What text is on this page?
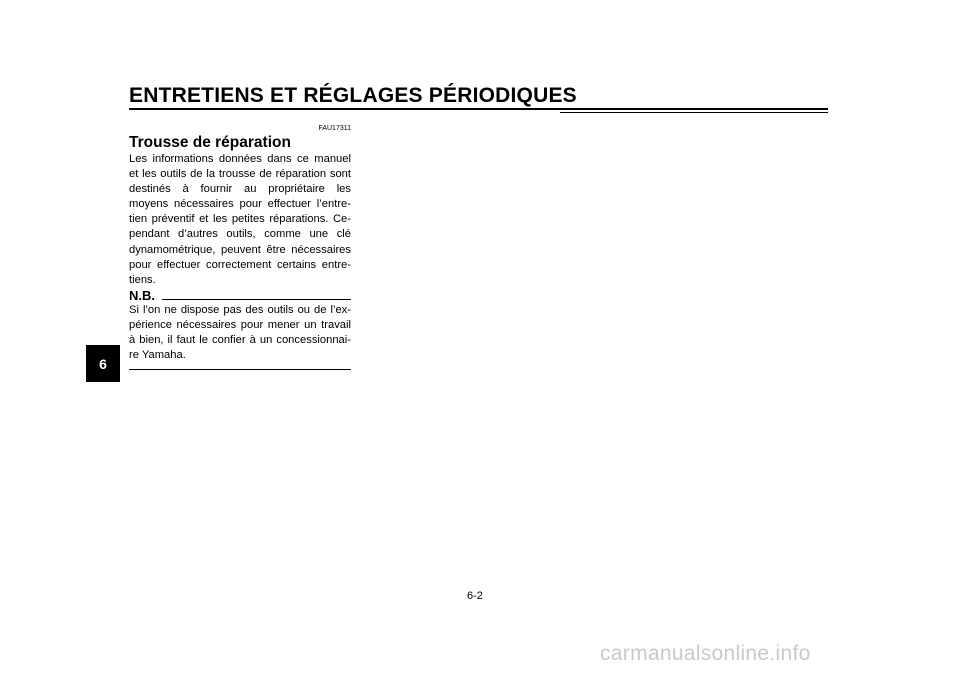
ENTRETIENS ET RÉGLAGES PÉRIODIQUES
6
FAU17311
Trousse de réparation
Les informations données dans ce manuel
et les outils de la trousse de réparation sont
destinés à fournir au propriétaire les
moyens nécessaires pour effectuer l’entre-
tien préventif et les petites réparations. Ce-
pendant d’autres outils, comme une clé
dynamométrique, peuvent être nécessaires
pour effectuer correctement certains entre-
tiens.
N.B.
Si l’on ne dispose pas des outils ou de l’ex-
périence nécessaires pour mener un travail
à bien, il faut le confier à un concessionnai-
re Yamaha.
6-2
carmanualsonline.info
